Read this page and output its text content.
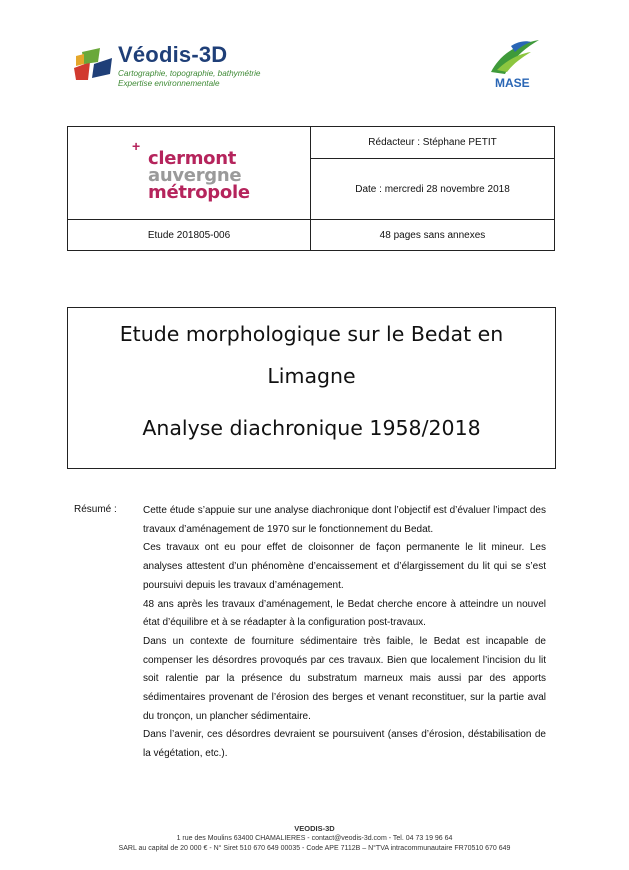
Véodis-3D
Cartographie, topographie, bathymétrie
Expertise environnementale	MASE
+
clermont
auvergne
métropole	Rédacteur : Stéphane PETIT
	Date : mercredi 28 novembre 2018
Etude 201805-006	48 pages sans annexes
Etude morphologique sur le Bedat en
Limagne
Analyse diachronique 1958/2018
Résumé :	Cette étude s’appuie sur une analyse diachronique dont l’objectif est d’évaluer l’impact des travaux d’aménagement de 1970 sur le fonctionnement du Bedat.

Ces travaux ont eu pour effet de cloisonner de façon permanente le lit mineur. Les analyses attestent d’un phénomène d’encaissement et d’élargissement du lit qui se s’est poursuivi depuis les travaux d’aménagement.

48 ans après les travaux d’aménagement, le Bedat cherche encore à atteindre un nouvel état d’équilibre et à se réadapter à la configuration post-travaux.

Dans un contexte de fourniture sédimentaire très faible, le Bedat est incapable de compenser les désordres provoqués par ces travaux. Bien que localement l’incision du lit soit ralentie par la présence du substratum marneux mais aussi par des apports sédimentaires provenant de l’érosion des berges et venant reconstituer, sur la partie aval du tronçon, un plancher sédimentaire.

Dans l’avenir, ces désordres devraient se poursuivent (anses d’érosion, déstabilisation de la végétation, etc.).

VEODIS-3D
1 rue des Moulins 63400 CHAMALIERES - contact@veodis-3d.com - Tel. 04 73 19 96 64
SARL au capital de 20 000 € - N° Siret 510 670 649 00035 - Code APE 7112B – N°TVA intracommunautaire FR70510 670 649
